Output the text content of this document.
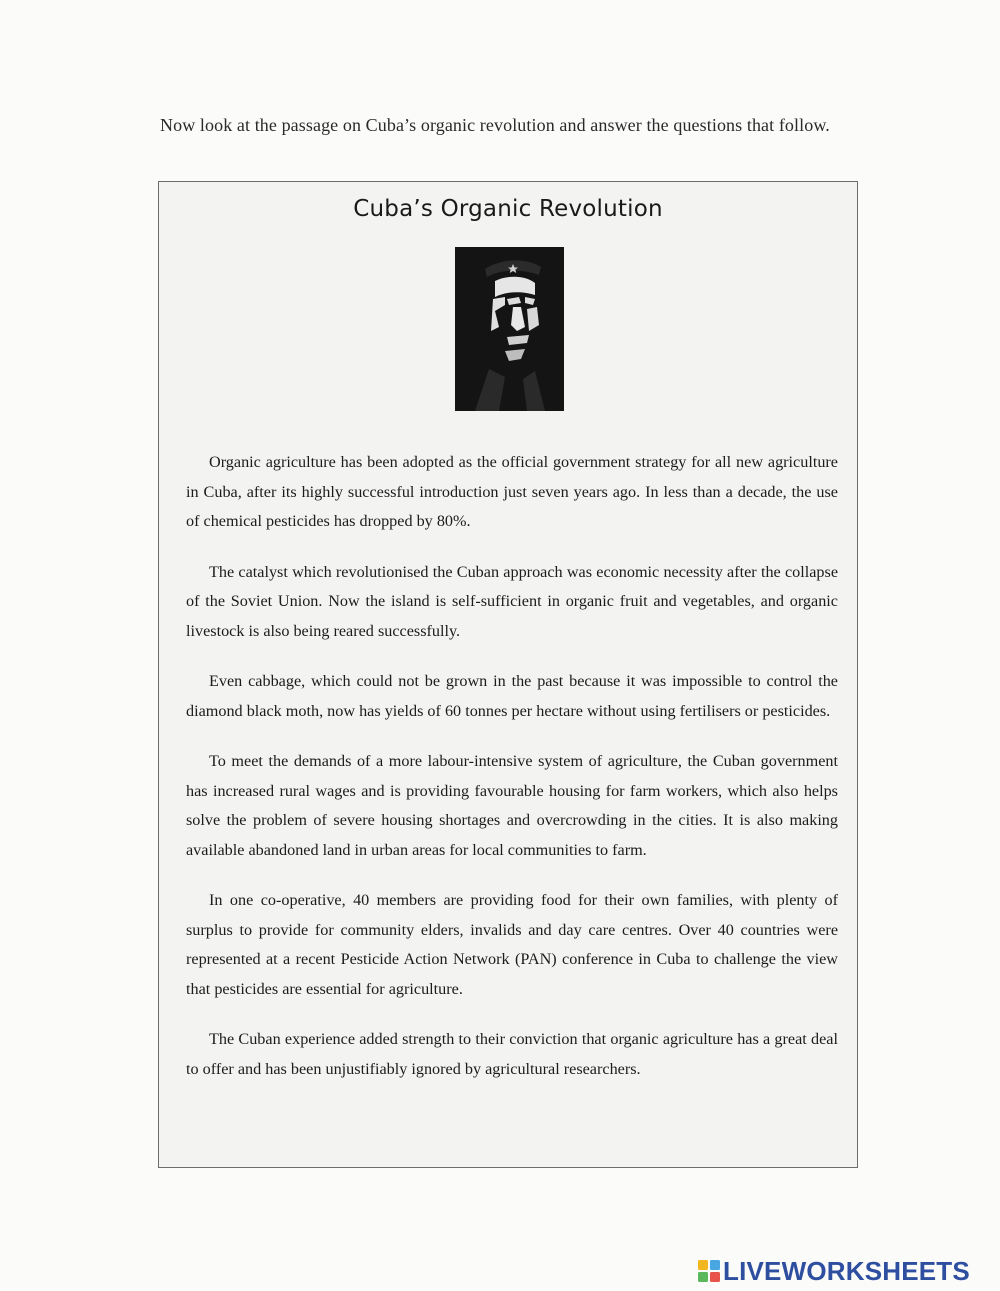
Now look at the passage on Cuba’s organic revolution and answer the questions that follow.
Cuba’s Organic Revolution

Organic agriculture has been adopted as the official government strategy for all new agriculture in Cuba, after its highly successful introduction just seven years ago. In less than a decade, the use of chemical pesticides has dropped by 80%.

The catalyst which revolutionised the Cuban approach was economic necessity after the collapse of the Soviet Union. Now the island is self-sufficient in organic fruit and vegetables, and organic livestock is also being reared successfully.

Even cabbage, which could not be grown in the past because it was impossible to control the diamond black moth, now has yields of 60 tonnes per hectare without using fertilisers or pesticides.

To meet the demands of a more labour-intensive system of agriculture, the Cuban government has increased rural wages and is providing favourable housing for farm workers, which also helps solve the problem of severe housing shortages and overcrowding in the cities. It is also making available abandoned land in urban areas for local communities to farm.

In one co-operative, 40 members are providing food for their own families, with plenty of surplus to provide for community elders, invalids and day care centres. Over 40 countries were represented at a recent Pesticide Action Network (PAN) conference in Cuba to challenge the view that pesticides are essential for agriculture.

The Cuban experience added strength to their conviction that organic agriculture has a great deal to offer and has been unjustifiably ignored by agricultural researchers.

LIVEWORKSHEETS
